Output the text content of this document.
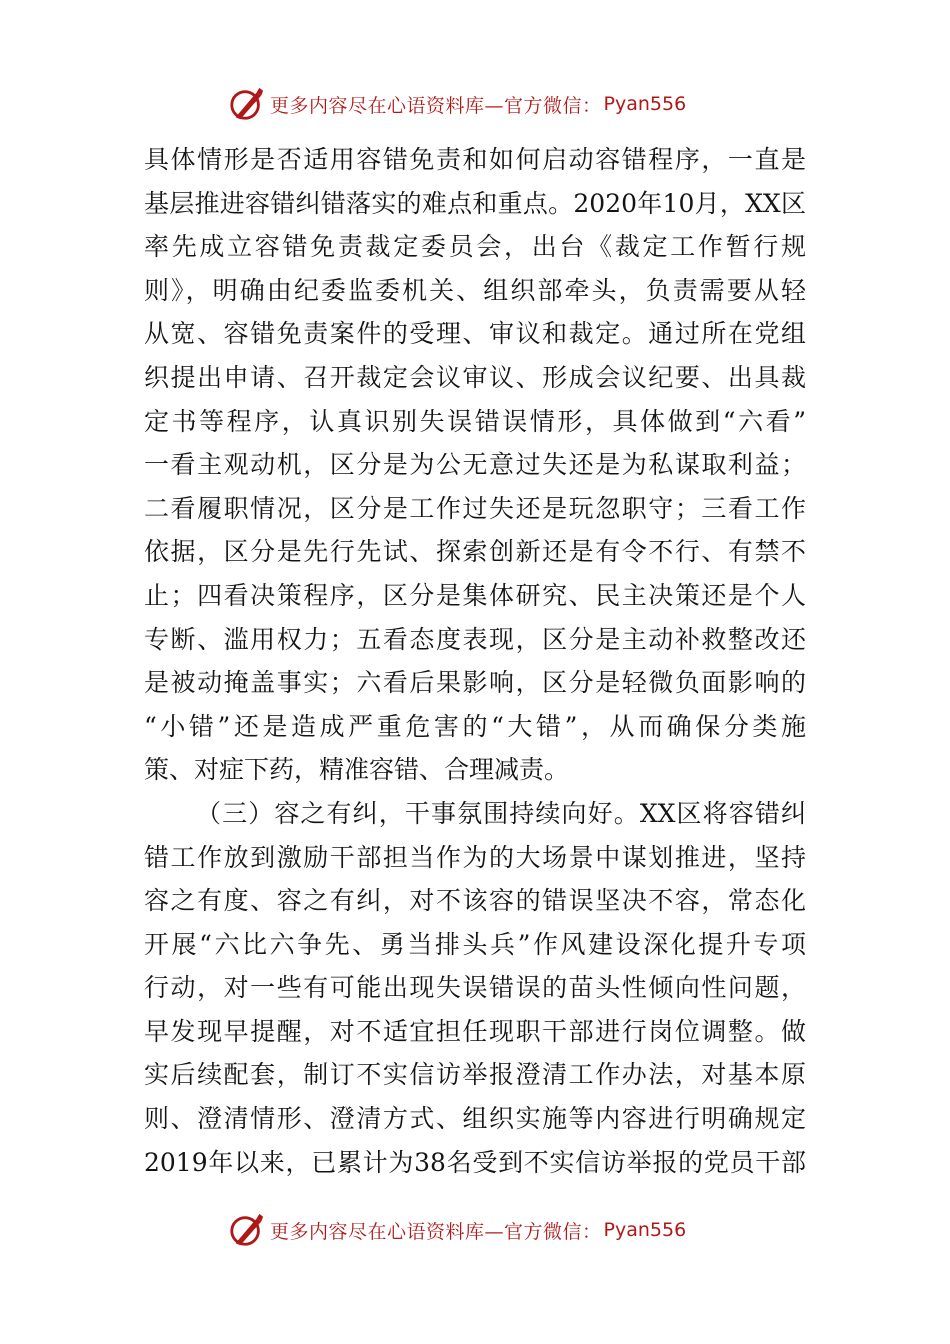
更多内容尽在心语资料库—官方微信： Pyan556
具体情形是否适用容错免责和如何启动容错程序，一直是
基层推进容错纠错落实的难点和重点。2020年10月，XX区
率先成立容错免责裁定委员会，出台《裁定工作暂行规
则》，明确由纪委监委机关、组织部牵头，负责需要从轻
从宽、容错免责案件的受理、审议和裁定。通过所在党组
织提出申请、召开裁定会议审议、形成会议纪要、出具裁
定书等程序，认真识别失误错误情形，具体做到“六看”
一看主观动机，区分是为公无意过失还是为私谋取利益；
二看履职情况，区分是工作过失还是玩忽职守；三看工作
依据，区分是先行先试、探索创新还是有令不行、有禁不
止；四看决策程序，区分是集体研究、民主决策还是个人
专断、滥用权力；五看态度表现，区分是主动补救整改还
是被动掩盖事实；六看后果影响，区分是轻微负面影响的
“小错”还是造成严重危害的“大错”，从而确保分类施
策、对症下药，精准容错、合理减责。
（三）容之有纠，干事氛围持续向好。XX区将容错纠
错工作放到激励干部担当作为的大场景中谋划推进，坚持
容之有度、容之有纠，对不该容的错误坚决不容，常态化
开展“六比六争先、勇当排头兵”作风建设深化提升专项
行动，对一些有可能出现失误错误的苗头性倾向性问题，
早发现早提醒，对不适宜担任现职干部进行岗位调整。做
实后续配套，制订不实信访举报澄清工作办法，对基本原
则、澄清情形、澄清方式、组织实施等内容进行明确规定
2019年以来，已累计为38名受到不实信访举报的党员干部
更多内容尽在心语资料库—官方微信： Pyan556
